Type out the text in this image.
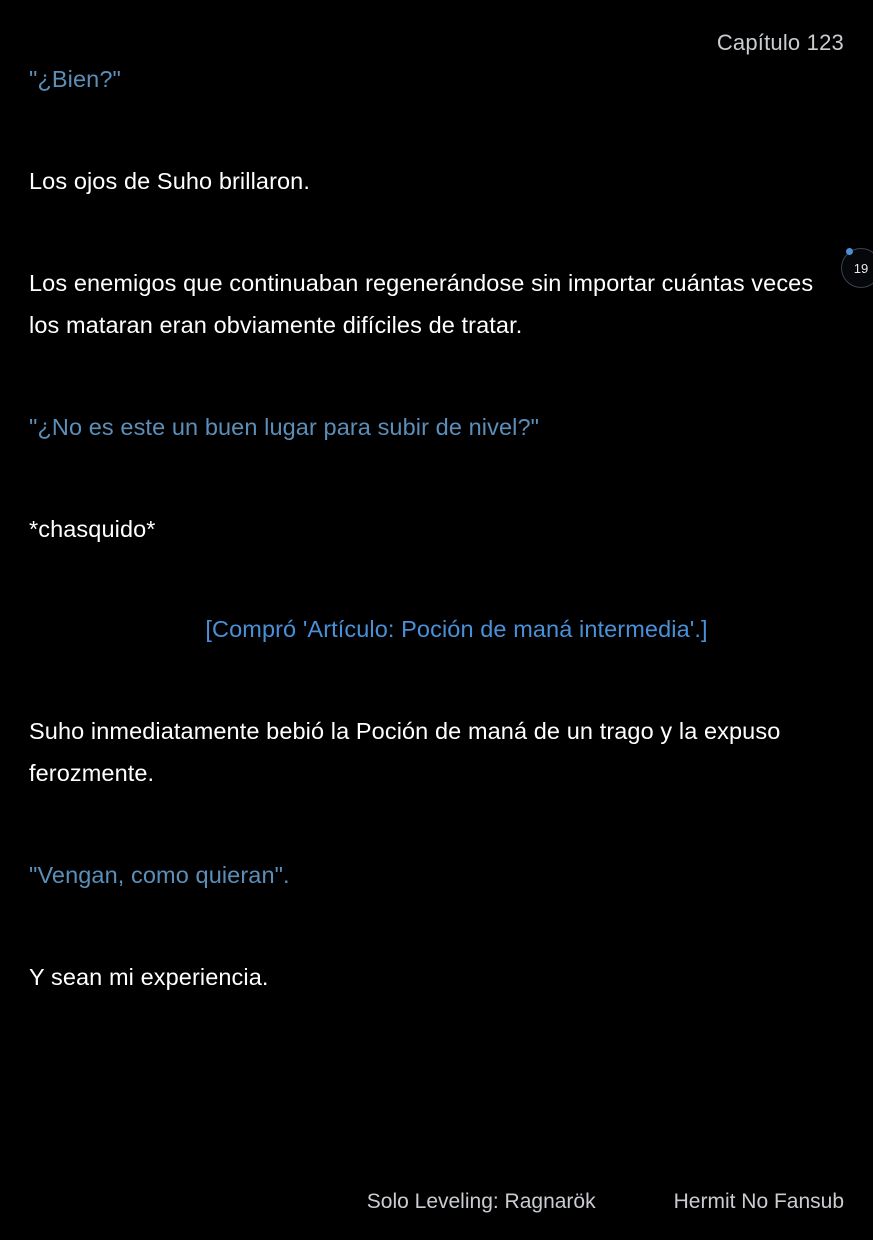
Capítulo 123
19

"¿Bien?"

Los ojos de Suho brillaron.

Los enemigos que continuaban regenerándose sin importar cuántas veces los mataran eran obviamente difíciles de tratar.

"¿No es este un buen lugar para subir de nivel?"

*chasquido*

[Compró 'Artículo: Poción de maná intermedia'.]

Suho inmediatamente bebió la Poción de maná de un trago y la expuso ferozmente.

"Vengan, como quieran".

Y sean mi experiencia.

Solo Leveling: Ragnarök	Hermit No Fansub
